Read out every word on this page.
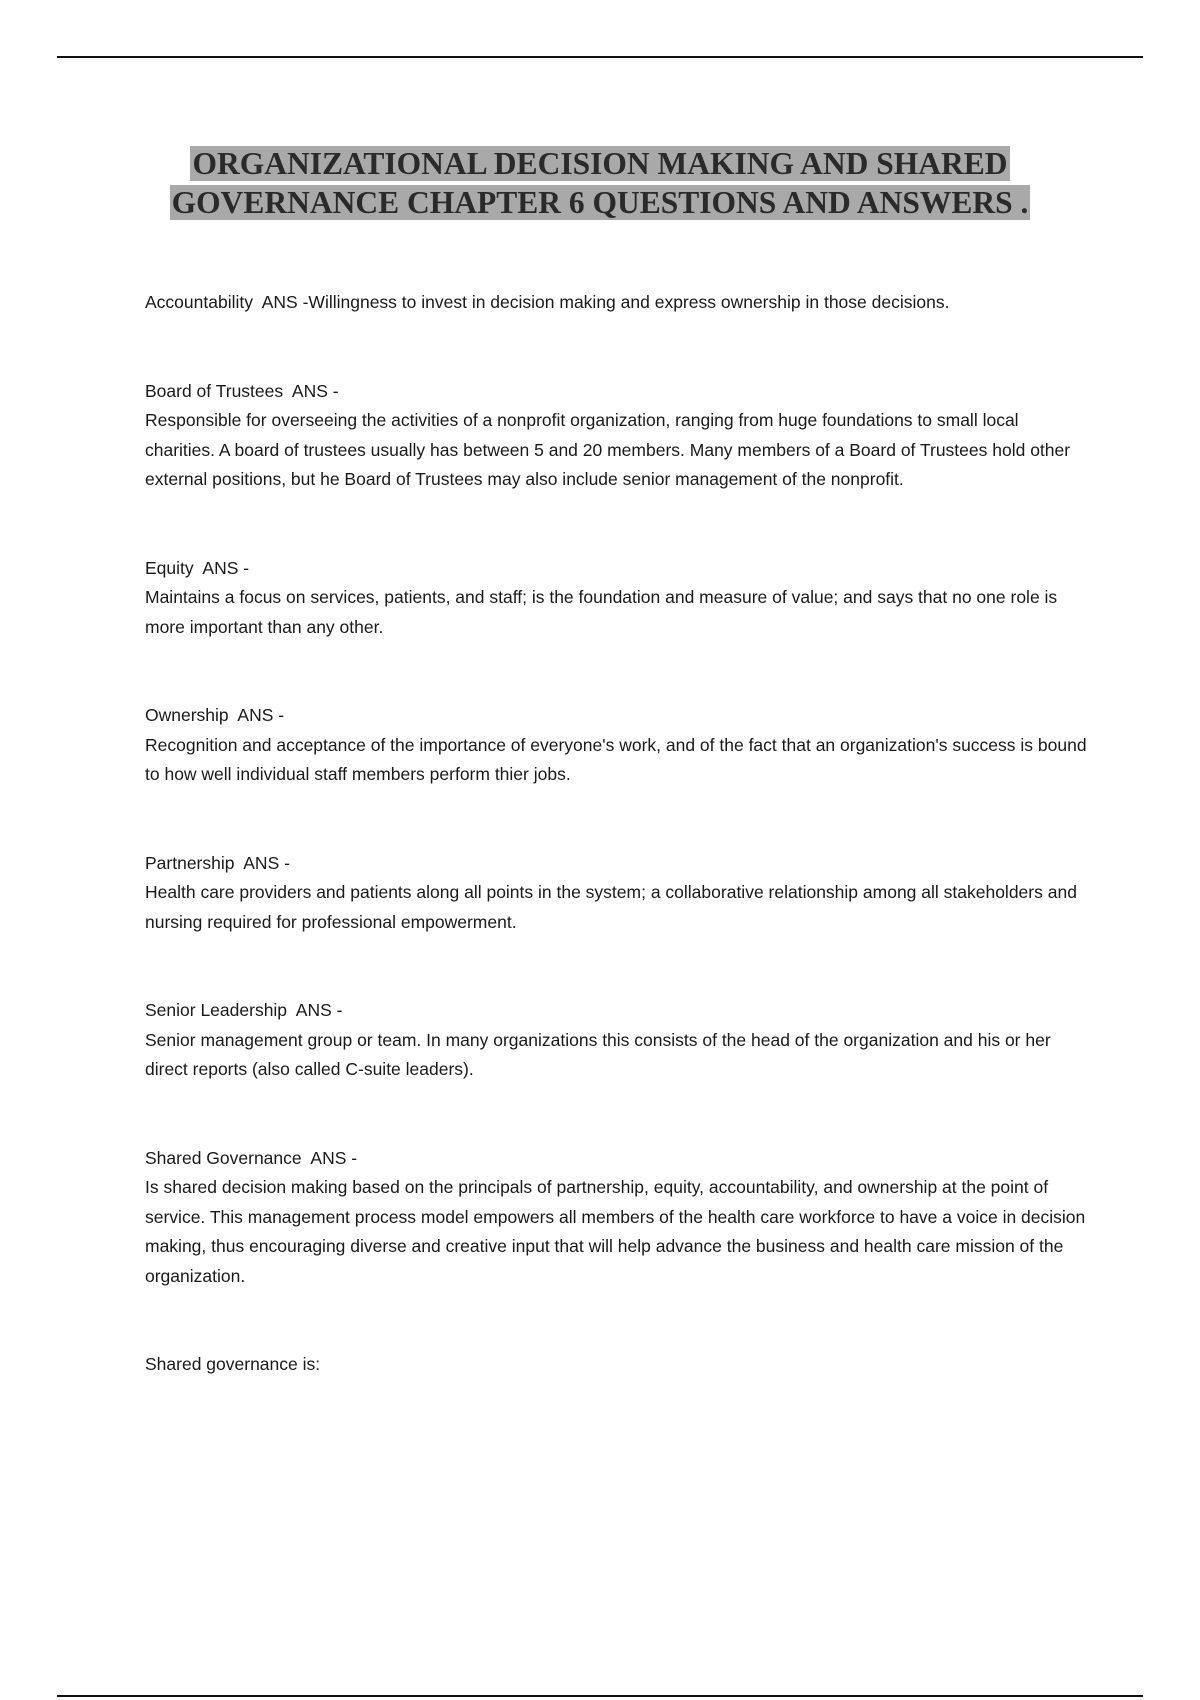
ORGANIZATIONAL DECISION MAKING AND SHARED
GOVERNANCE CHAPTER 6 QUESTIONS AND ANSWERS .

Accountability  ANS -Willingness to invest in decision making and express ownership in those decisions.

Board of Trustees  ANS -
Responsible for overseeing the activities of a nonprofit organization, ranging from huge foundations to small local charities. A board of trustees usually has between 5 and 20 members. Many members of a Board of Trustees hold other external positions, but he Board of Trustees may also include senior management of the nonprofit.

Equity  ANS -
Maintains a focus on services, patients, and staff; is the foundation and measure of value; and says that no one role is more important than any other.

Ownership  ANS -
Recognition and acceptance of the importance of everyone's work, and of the fact that an organization's success is bound to how well individual staff members perform thier jobs.

Partnership  ANS -
Health care providers and patients along all points in the system; a collaborative relationship among all stakeholders and nursing required for professional empowerment.

Senior Leadership  ANS -
Senior management group or team. In many organizations this consists of the head of the organization and his or her direct reports (also called C-suite leaders).

Shared Governance  ANS -
Is shared decision making based on the principals of partnership, equity, accountability, and ownership at the point of service. This management process model empowers all members of the health care workforce to have a voice in decision making, thus encouraging diverse and creative input that will help advance the business and health care mission of the organization.

Shared governance is:
